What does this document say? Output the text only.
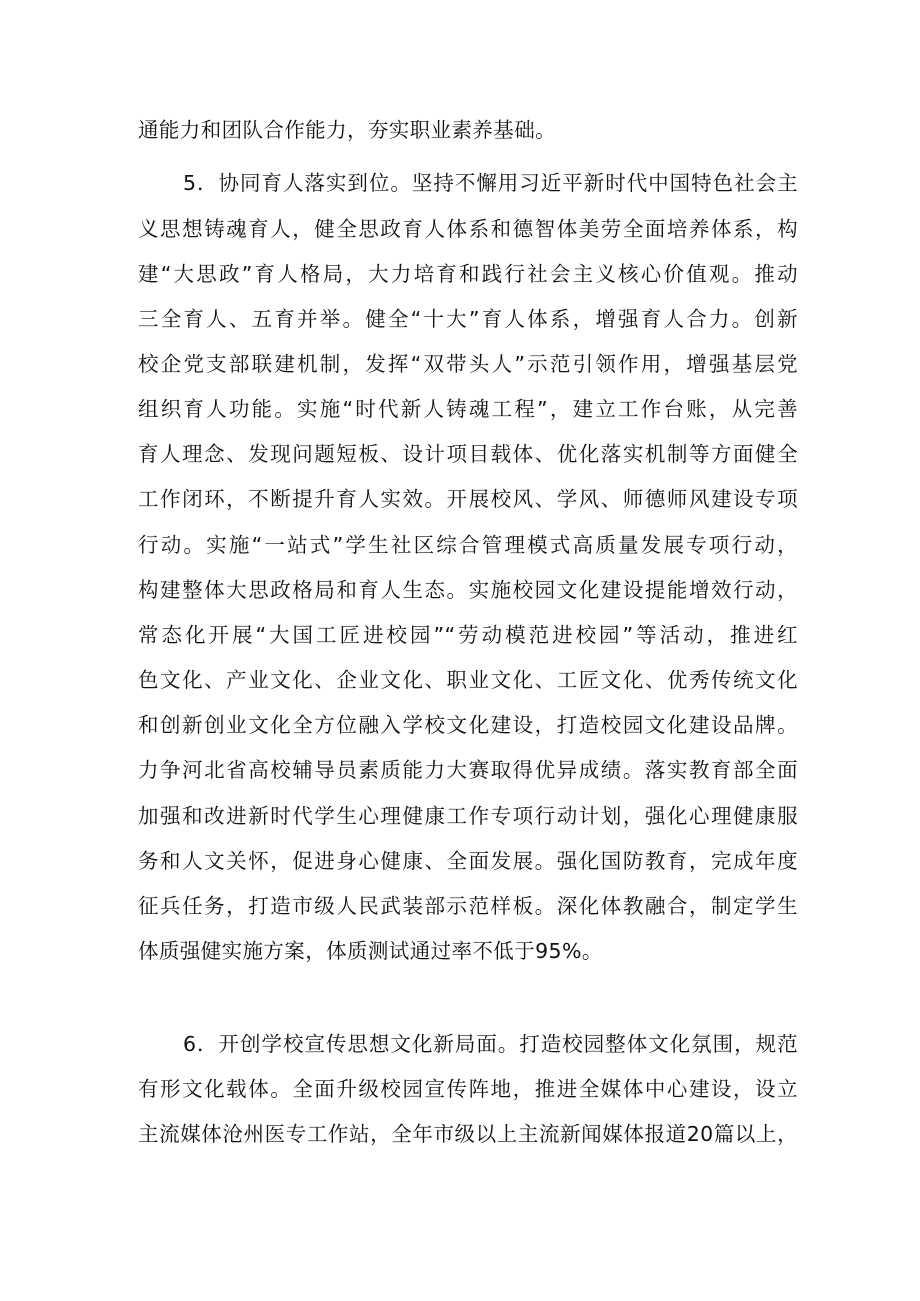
通能力和团队合作能力，夯实职业素养基础。
5．协同育人落实到位。坚持不懈用习近平新时代中国特色社会主
义思想铸魂育人，健全思政育人体系和德智体美劳全面培养体系，构
建“大思政”育人格局，大力培育和践行社会主义核心价值观。推动
三全育人、五育并举。健全“十大”育人体系，增强育人合力。创新
校企党支部联建机制，发挥“双带头人”示范引领作用，增强基层党
组织育人功能。实施“时代新人铸魂工程”，建立工作台账，从完善
育人理念、发现问题短板、设计项目载体、优化落实机制等方面健全
工作闭环，不断提升育人实效。开展校风、学风、师德师风建设专项
行动。实施“一站式”学生社区综合管理模式高质量发展专项行动，
构建整体大思政格局和育人生态。实施校园文化建设提能增效行动，
常态化开展“大国工匠进校园”“劳动模范进校园”等活动，推进红
色文化、产业文化、企业文化、职业文化、工匠文化、优秀传统文化
和创新创业文化全方位融入学校文化建设，打造校园文化建设品牌。
力争河北省高校辅导员素质能力大赛取得优异成绩。落实教育部全面
加强和改进新时代学生心理健康工作专项行动计划，强化心理健康服
务和人文关怀，促进身心健康、全面发展。强化国防教育，完成年度
征兵任务，打造市级人民武装部示范样板。深化体教融合，制定学生
体质强健实施方案，体质测试通过率不低于95%。
6．开创学校宣传思想文化新局面。打造校园整体文化氛围，规范
有形文化载体。全面升级校园宣传阵地，推进全媒体中心建设，设立
主流媒体沧州医专工作站，全年市级以上主流新闻媒体报道20篇以上，
